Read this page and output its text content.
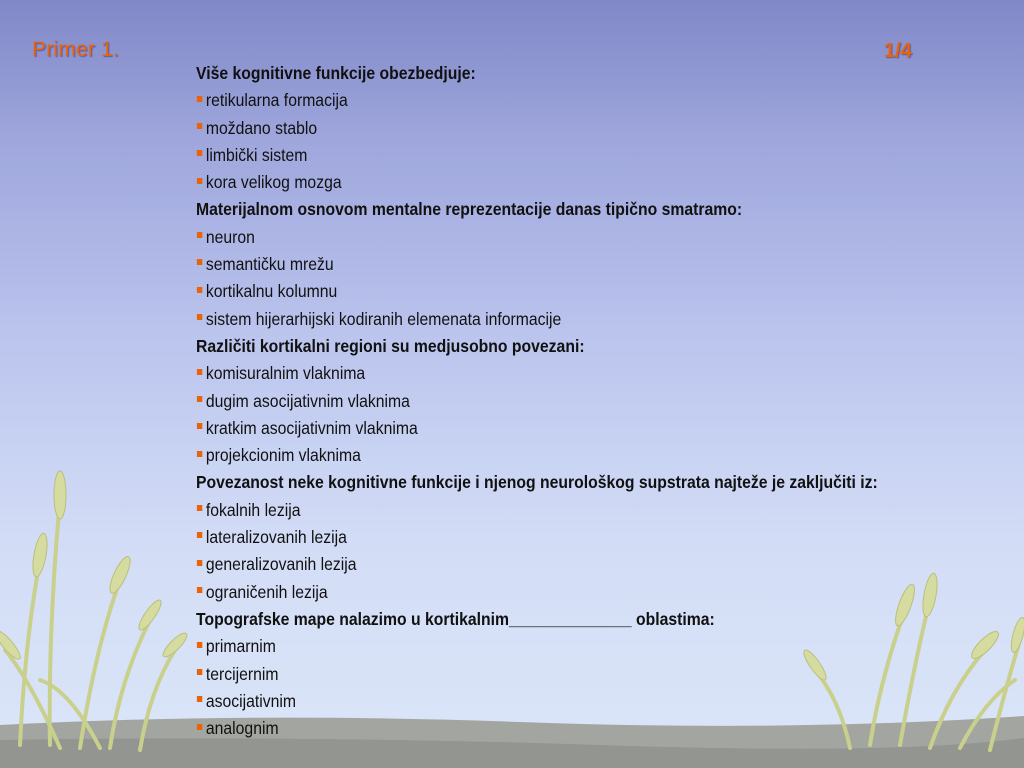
Primer 1.	1/4
Više kognitivne funkcije obezbedjuje:
retikularna formacija
moždano stablo
limbički sistem
kora velikog mozga
Materijalnom osnovom mentalne reprezentacije danas tipično smatramo:
neuron
semantičku mrežu
kortikalnu kolumnu
sistem hijerarhijski kodiranih elemenata informacije
Različiti kortikalni regioni su medjusobno povezani:
komisuralnim vlaknima
dugim asocijativnim vlaknima
kratkim asocijativnim vlaknima
projekcionim vlaknima
Povezanost neke kognitivne funkcije i njenog neurološkog supstrata najteže je zaključiti iz:
fokalnih lezija
lateralizovanih lezija
generalizovanih lezija
ograničenih lezija
Topografske mape nalazimo u kortikalnim______________ oblastima:
primarnim
tercijernim
asocijativnim
analognim
